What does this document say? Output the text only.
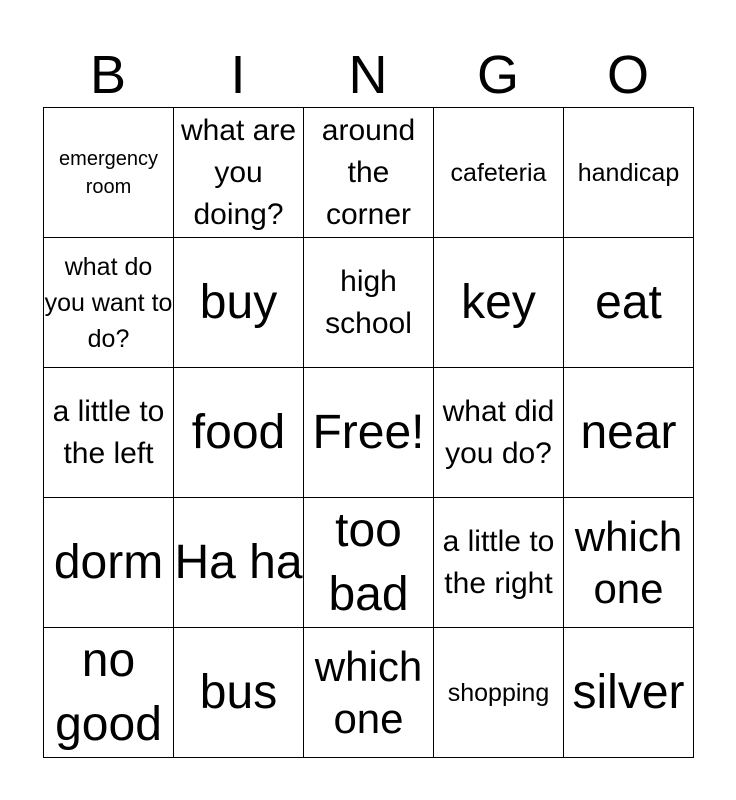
B	I	N	G	O
emergency room	what are you doing?	around the corner	cafeteria	handicap

what do you want to do?	buy	high school	key	eat

a little to the left	food	Free!	what did you do?	near

dorm	Ha ha	too bad	a little to the right	which one

no good	bus	which one	shopping	silver
